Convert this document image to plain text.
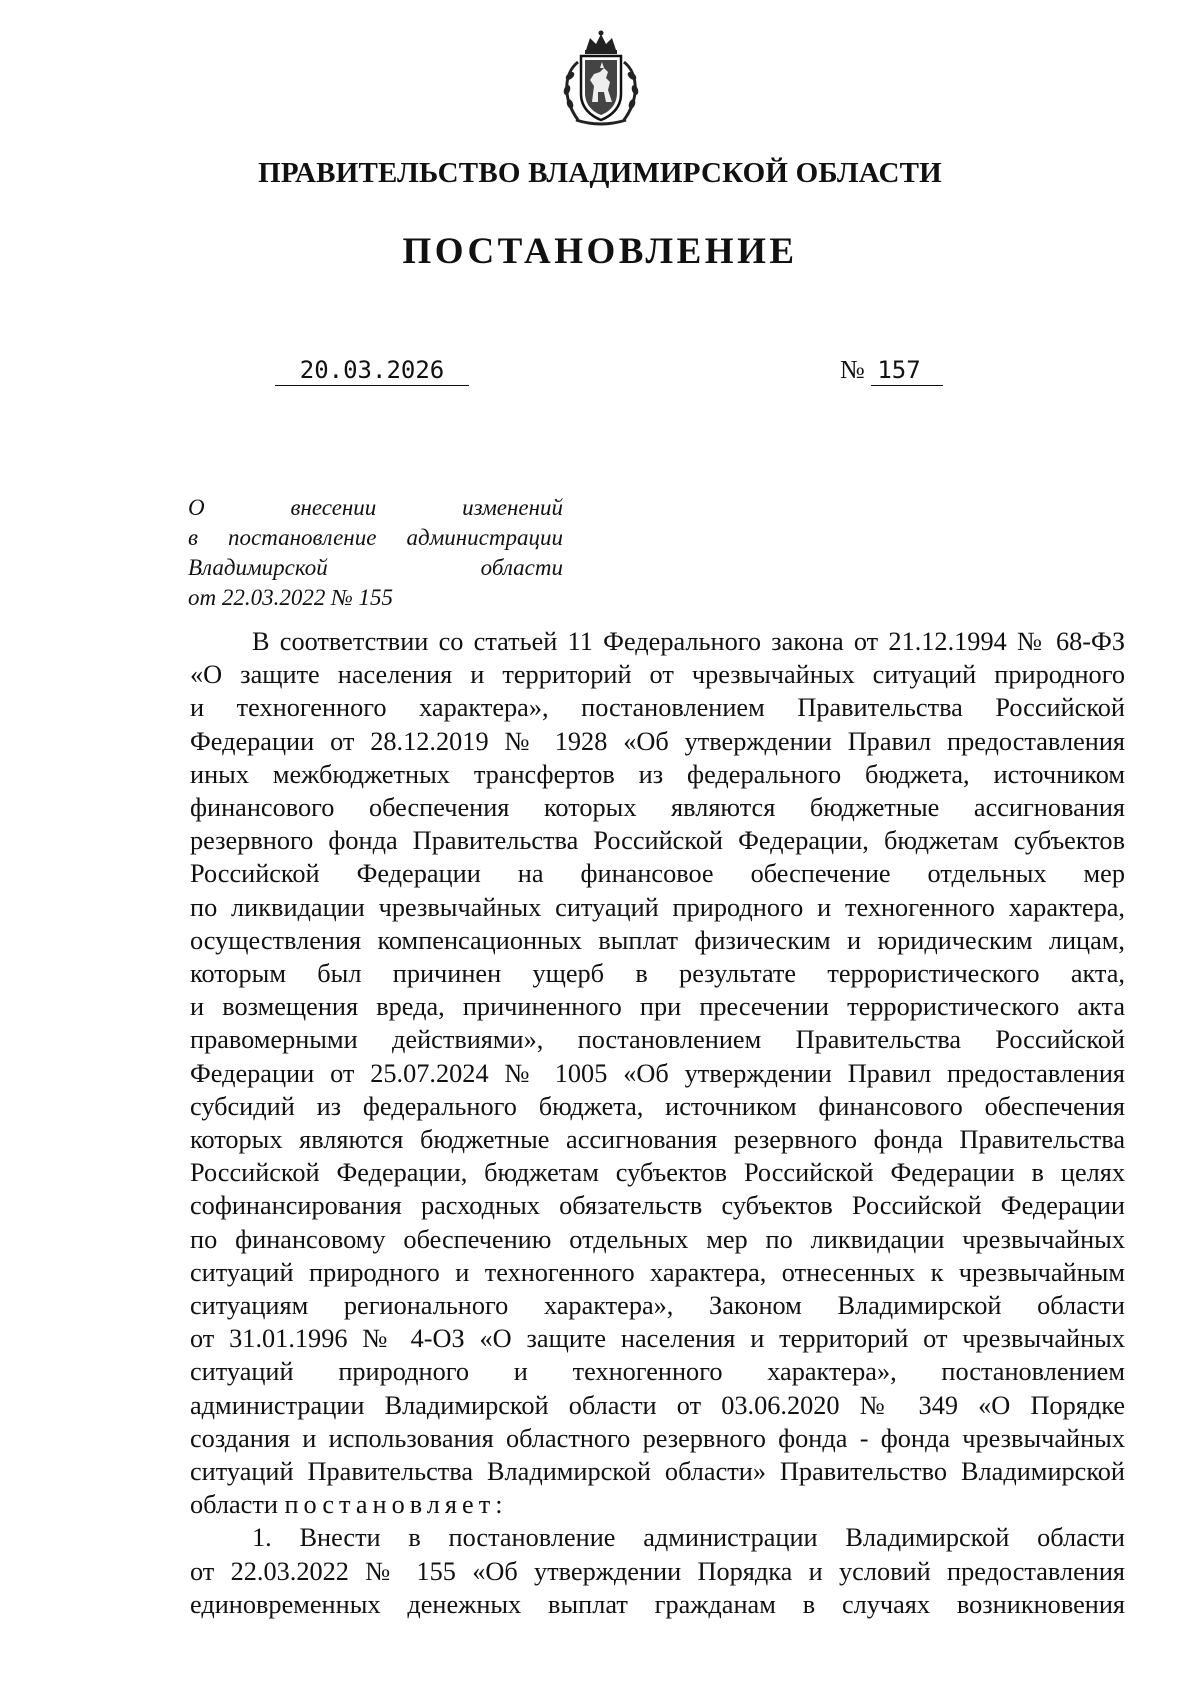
ПРАВИТЕЛЬСТВО ВЛАДИМИРСКОЙ ОБЛАСТИ
ПОСТАНОВЛЕНИЕ
20.03.2026	№ 157
О внесении изменений
в постановление администрации
Владимирской области
от 22.03.2022 № 155
В соответствии со статьей 11 Федерального закона от 21.12.1994 № 68-ФЗ
«О защите населения и территорий от чрезвычайных ситуаций природного
и техногенного характера», постановлением Правительства Российской
Федерации от 28.12.2019 № 1928 «Об утверждении Правил предоставления
иных межбюджетных трансфертов из федерального бюджета, источником
финансового обеспечения которых являются бюджетные ассигнования
резервного фонда Правительства Российской Федерации, бюджетам субъектов
Российской Федерации на финансовое обеспечение отдельных мер
по ликвидации чрезвычайных ситуаций природного и техногенного характера,
осуществления компенсационных выплат физическим и юридическим лицам,
которым был причинен ущерб в результате террористического акта,
и возмещения вреда, причиненного при пресечении террористического акта
правомерными действиями», постановлением Правительства Российской
Федерации от 25.07.2024 № 1005 «Об утверждении Правил предоставления
субсидий из федерального бюджета, источником финансового обеспечения
которых являются бюджетные ассигнования резервного фонда Правительства
Российской Федерации, бюджетам субъектов Российской Федерации в целях
софинансирования расходных обязательств субъектов Российской Федерации
по финансовому обеспечению отдельных мер по ликвидации чрезвычайных
ситуаций природного и техногенного характера, отнесенных к чрезвычайным
ситуациям регионального характера», Законом Владимирской области
от 31.01.1996 № 4-ОЗ «О защите населения и территорий от чрезвычайных
ситуаций природного и техногенного характера», постановлением
администрации Владимирской области от 03.06.2020 № 349 «О Порядке
создания и использования областного резервного фонда - фонда чрезвычайных
ситуаций Правительства Владимирской области» Правительство Владимирской
области постановляет:
1. Внести в постановление администрации Владимирской области
от 22.03.2022 № 155 «Об утверждении Порядка и условий предоставления
единовременных денежных выплат гражданам в случаях возникновения
